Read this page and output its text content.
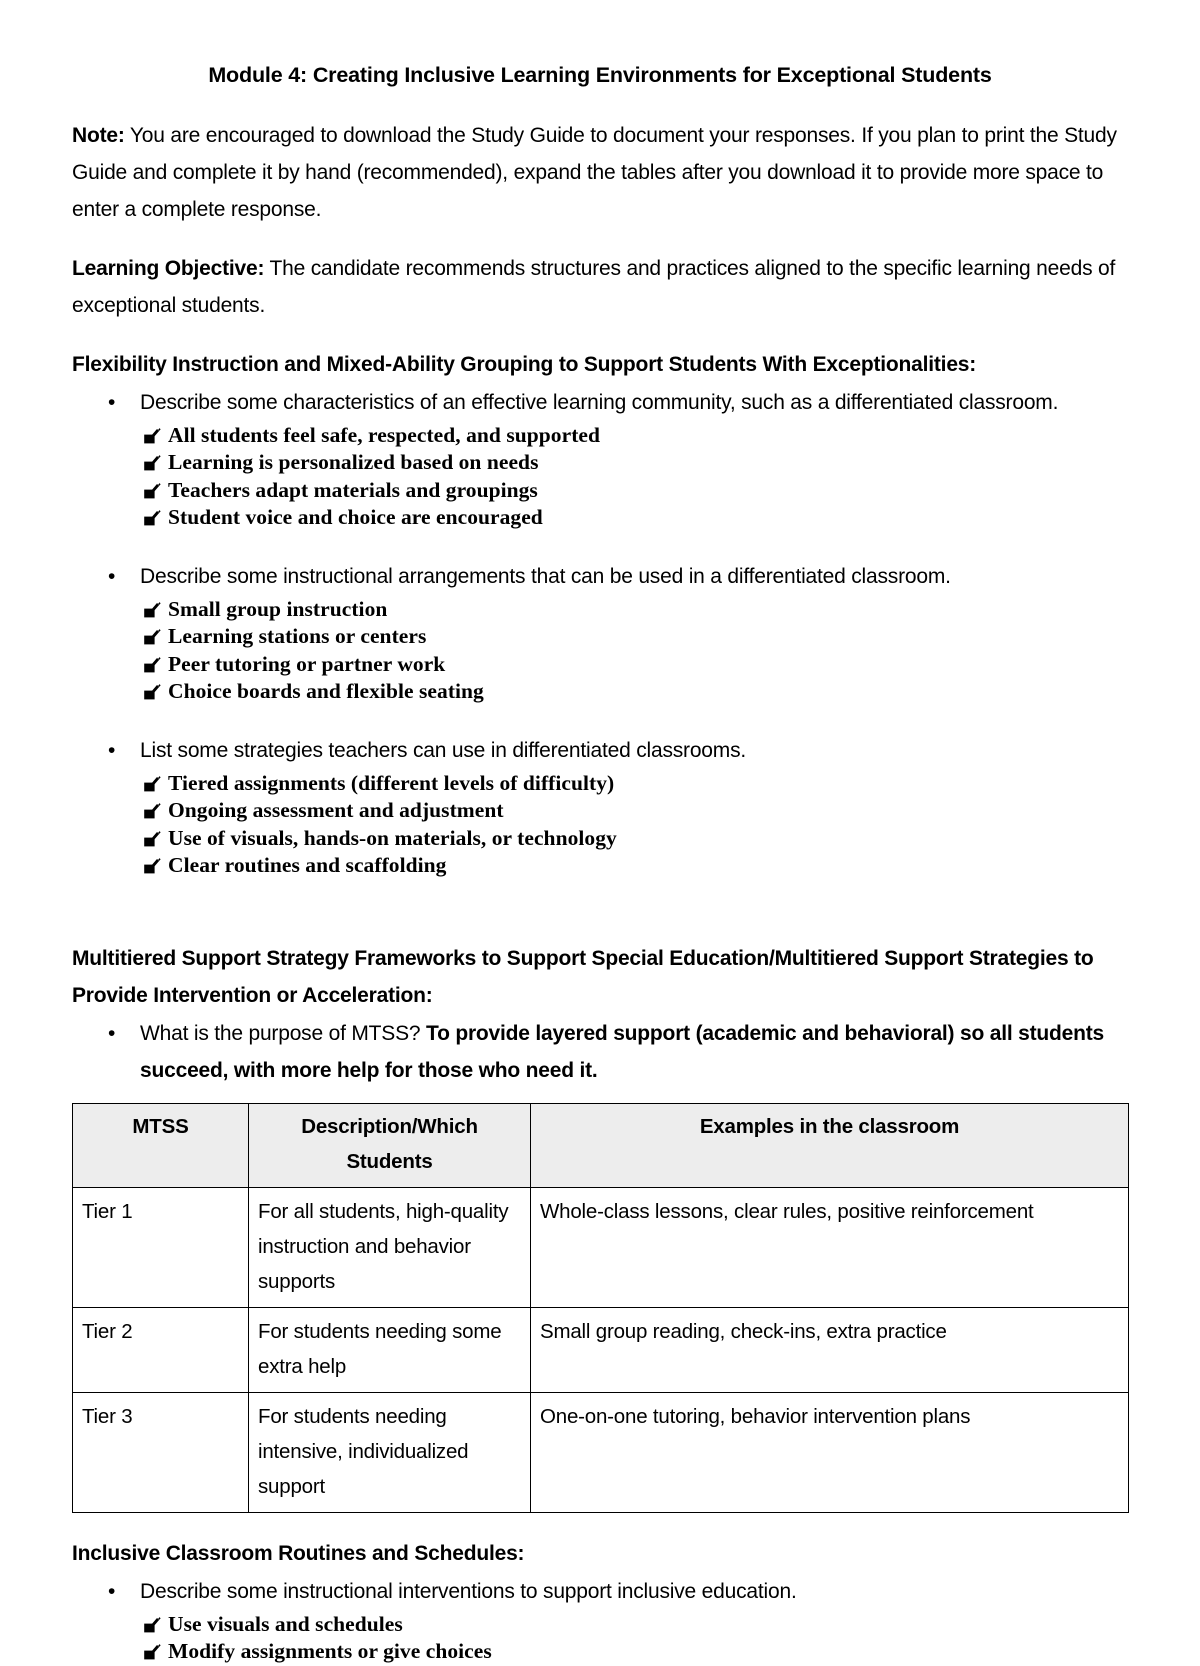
Module 4: Creating Inclusive Learning Environments for Exceptional Students

Note: You are encouraged to download the Study Guide to document your responses. If you plan to print the Study Guide and complete it by hand (recommended), expand the tables after you download it to provide more space to enter a complete response.

Learning Objective: The candidate recommends structures and practices aligned to the specific learning needs of exceptional students.

Flexibility Instruction and Mixed-Ability Grouping to Support Students With Exceptionalities:

• Describe some characteristics of an effective learning community, such as a differentiated classroom.

All students feel safe, respected, and supported
Learning is personalized based on needs
Teachers adapt materials and groupings
Student voice and choice are encouraged

• Describe some instructional arrangements that can be used in a differentiated classroom.

Small group instruction
Learning stations or centers
Peer tutoring or partner work
Choice boards and flexible seating

• List some strategies teachers can use in differentiated classrooms.

Tiered assignments (different levels of difficulty)
Ongoing assessment and adjustment
Use of visuals, hands-on materials, or technology
Clear routines and scaffolding
Multitiered Support Strategy Frameworks to Support Special Education/Multitiered Support Strategies to Provide Intervention or Acceleration:

• What is the purpose of MTSS? To provide layered support (academic and behavioral) so all students succeed, with more help for those who need it.

MTSS	Description/Which Students	Examples in the classroom
Tier 1	For all students, high-quality instruction and behavior supports	Whole-class lessons, clear rules, positive reinforcement
Tier 2	For students needing some extra help	Small group reading, check-ins, extra practice
Tier 3	For students needing intensive, individualized support	One-on-one tutoring, behavior intervention plans
Inclusive Classroom Routines and Schedules:

• Describe some instructional interventions to support inclusive education.

Use visuals and schedules
Modify assignments or give choices
